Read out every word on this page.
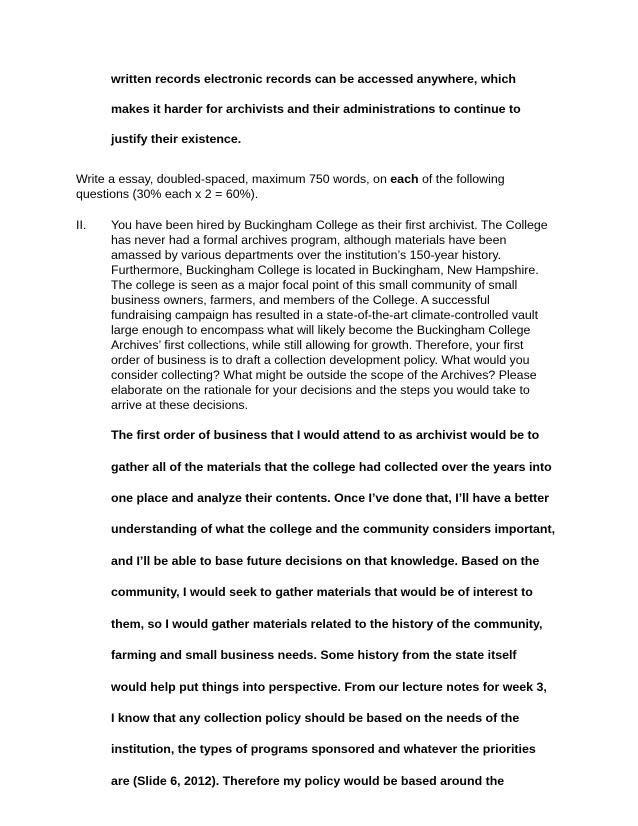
written records electronic records can be accessed anywhere, which
makes it harder for archivists and their administrations to continue to
justify their existence.
Write a essay, doubled-spaced, maximum 750 words, on each of the following
questions (30% each x 2 = 60%).
II. You have been hired by Buckingham College as their first archivist. The College
has never had a formal archives program, although materials have been
amassed by various departments over the institution’s 150-year history.
Furthermore, Buckingham College is located in Buckingham, New Hampshire.
The college is seen as a major focal point of this small community of small
business owners, farmers, and members of the College. A successful
fundraising campaign has resulted in a state-of-the-art climate-controlled vault
large enough to encompass what will likely become the Buckingham College
Archives’ first collections, while still allowing for growth. Therefore, your first
order of business is to draft a collection development policy. What would you
consider collecting? What might be outside the scope of the Archives? Please
elaborate on the rationale for your decisions and the steps you would take to
arrive at these decisions.
The first order of business that I would attend to as archivist would be to
gather all of the materials that the college had collected over the years into
one place and analyze their contents. Once I’ve done that, I’ll have a better
understanding of what the college and the community considers important,
and I’ll be able to base future decisions on that knowledge. Based on the
community, I would seek to gather materials that would be of interest to
them, so I would gather materials related to the history of the community,
farming and small business needs. Some history from the state itself
would help put things into perspective. From our lecture notes for week 3,
I know that any collection policy should be based on the needs of the
institution, the types of programs sponsored and whatever the priorities
are (Slide 6, 2012). Therefore my policy would be based around the
